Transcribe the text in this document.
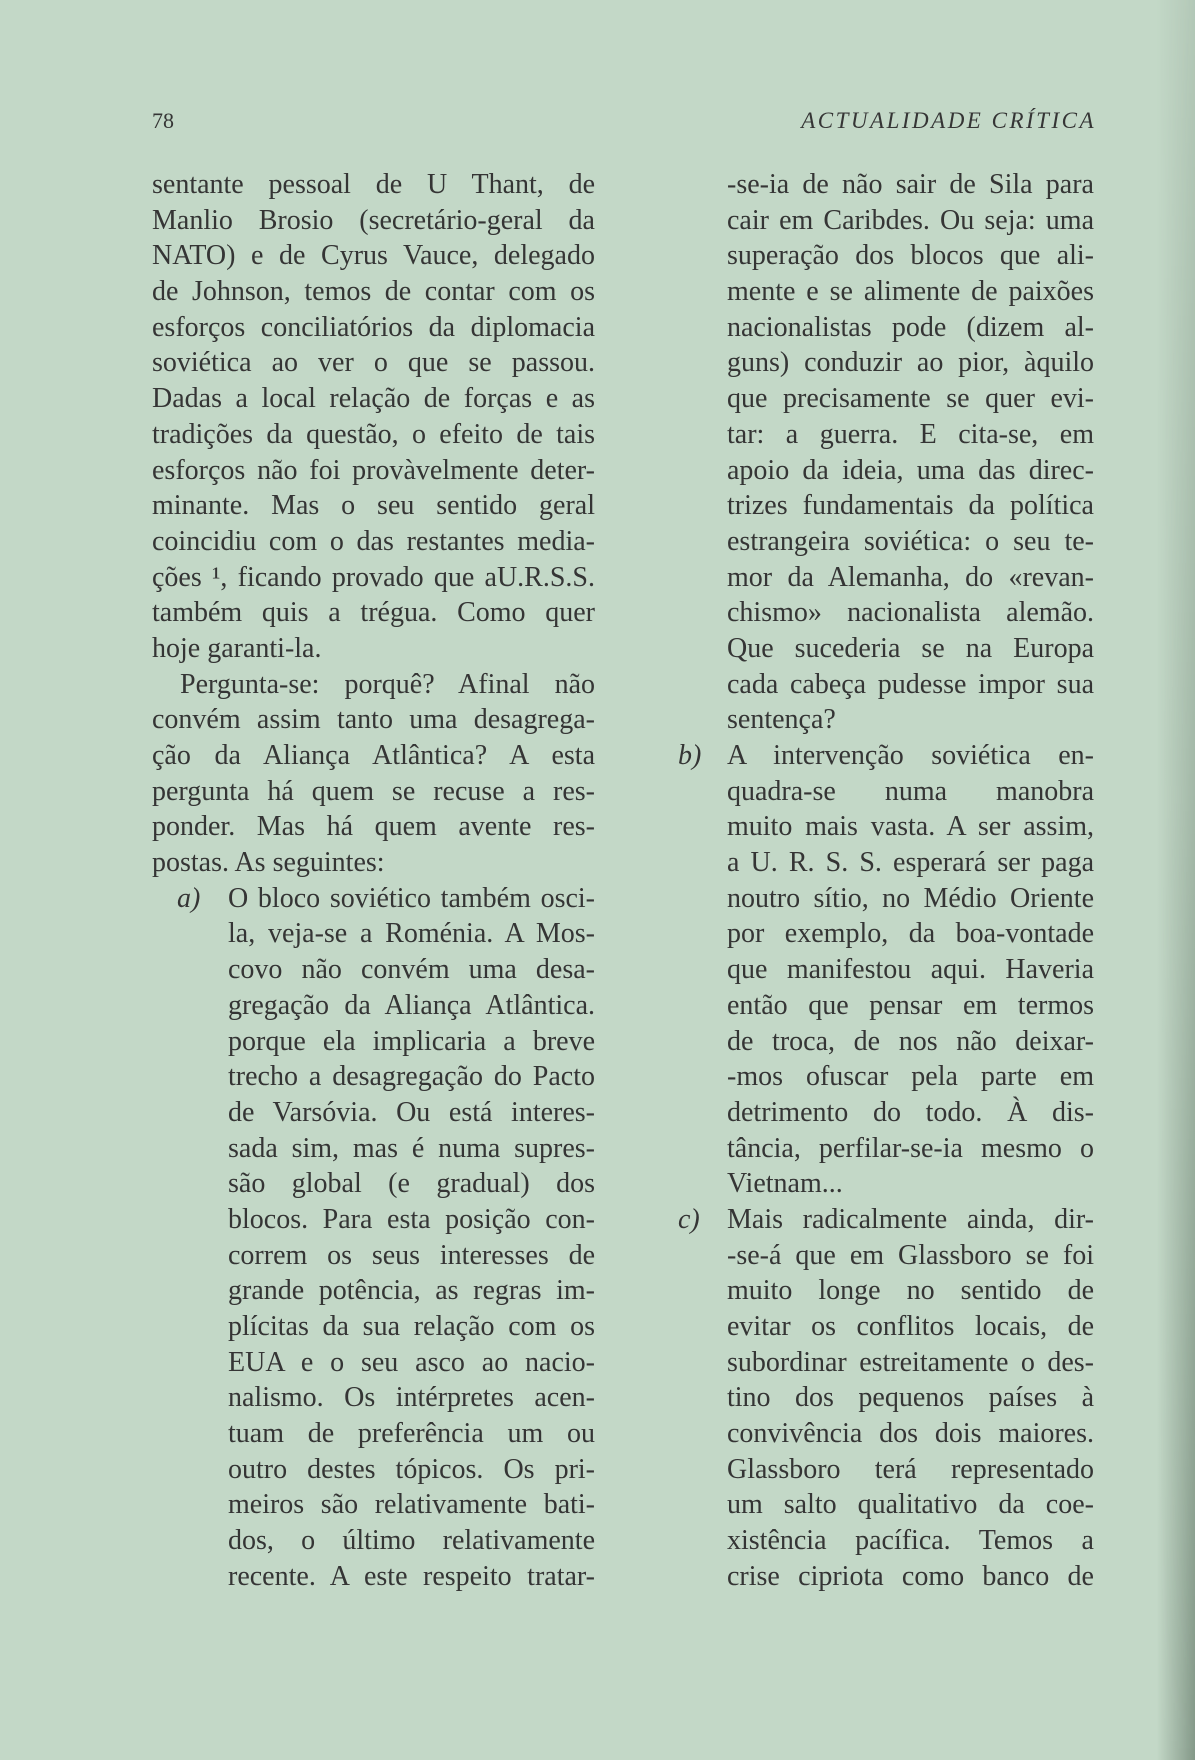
78	ACTUALIDADE CRÍTICA
sentante pessoal de U Thant, de
Manlio Brosio (secretário-geral da
NATO) e de Cyrus Vauce, delegado
de Johnson, temos de contar com os
esforços conciliatórios da diplomacia
soviética ao ver o que se passou.
Dadas a local relação de forças e as
tradições da questão, o efeito de tais
esforços não foi provàvelmente deter-
minante. Mas o seu sentido geral
coincidiu com o das restantes media-
ções ¹, ficando provado que aU.R.S.S.
também quis a trégua. Como quer
hoje garanti-la.
Pergunta-se: porquê? Afinal não
convém assim tanto uma desagrega-
ção da Aliança Atlântica? A esta
pergunta há quem se recuse a res-
ponder. Mas há quem avente res-
postas. As seguintes:
a) O bloco soviético também osci-
la, veja-se a Roménia. A Mos-
covo não convém uma desa-
gregação da Aliança Atlântica.
porque ela implicaria a breve
trecho a desagregação do Pacto
de Varsóvia. Ou está interes-
sada sim, mas é numa supres-
são global (e gradual) dos
blocos. Para esta posição con-
correm os seus interesses de
grande potência, as regras im-
plícitas da sua relação com os
EUA e o seu asco ao nacio-
nalismo. Os intérpretes acen-
tuam de preferência um ou
outro destes tópicos. Os pri-
meiros são relativamente bati-
dos, o último relativamente
recente. A este respeito tratar-
-se-ia de não sair de Sila para
cair em Caribdes. Ou seja: uma
superação dos blocos que ali-
mente e se alimente de paixões
nacionalistas pode (dizem al-
guns) conduzir ao pior, àquilo
que precisamente se quer evi-
tar: a guerra. E cita-se, em
apoio da ideia, uma das direc-
trizes fundamentais da política
estrangeira soviética: o seu te-
mor da Alemanha, do «revan-
chismo» nacionalista alemão.
Que sucederia se na Europa
cada cabeça pudesse impor sua
sentença?
b) A intervenção soviética en-
quadra-se numa manobra
muito mais vasta. A ser assim,
a U. R. S. S. esperará ser paga
noutro sítio, no Médio Oriente
por exemplo, da boa-vontade
que manifestou aqui. Haveria
então que pensar em termos
de troca, de nos não deixar-
-mos ofuscar pela parte em
detrimento do todo. À dis-
tância, perfilar-se-ia mesmo o
Vietnam...
c) Mais radicalmente ainda, dir-
-se-á que em Glassboro se foi
muito longe no sentido de
evitar os conflitos locais, de
subordinar estreitamente o des-
tino dos pequenos países à
convivência dos dois maiores.
Glassboro terá representado
um salto qualitativo da coe-
xistência pacífica. Temos a
crise cipriota como banco de
